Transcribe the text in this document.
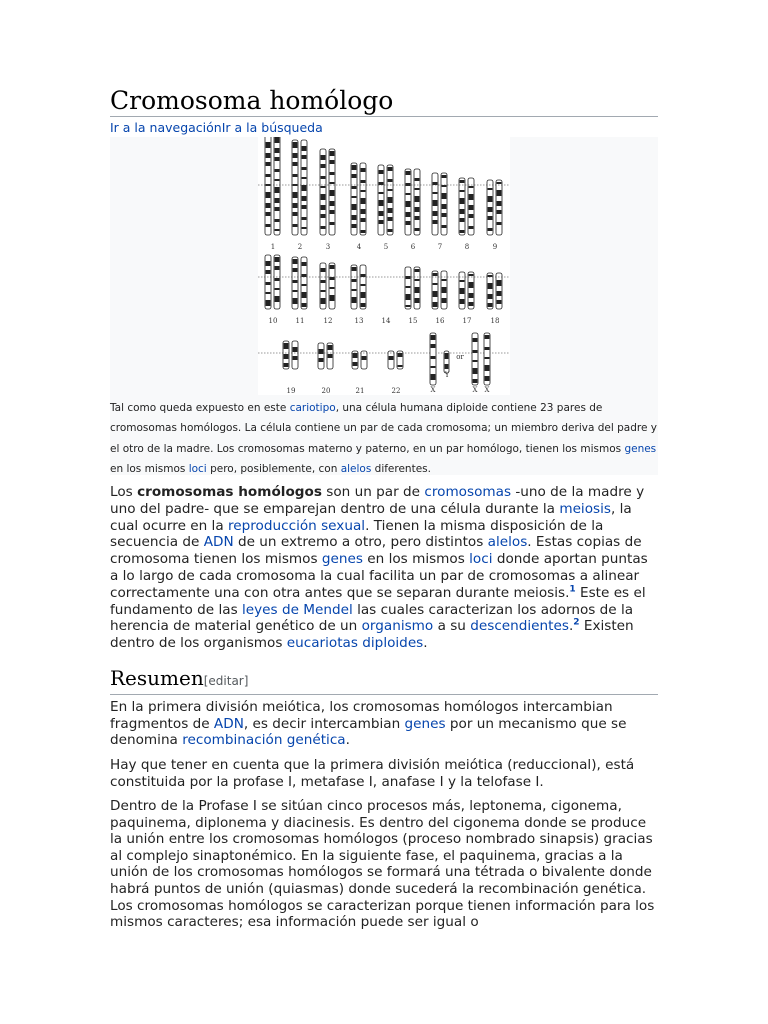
Cromosoma homólogo
Ir a la navegaciónIr a la búsqueda
1	2	3	4	5	6	7	8	9
10	11	12	13	14	15	16	17	18
19	20	21	22	X
Y
or
X X
Tal como queda expuesto en este cariotipo, una célula humana diploide contiene 23 pares de cromosomas homólogos. La célula contiene un par de cada cromosoma; un miembro deriva del padre y el otro de la madre. Los cromosomas materno y paterno, en un par homólogo, tienen los mismos genes en los mismos loci pero, posiblemente, con alelos diferentes.

Los cromosomas homólogos son un par de cromosomas -uno de la madre y uno del padre- que se emparejan dentro de una célula durante la meiosis, la cual ocurre en la reproducción sexual. Tienen la misma disposición de la secuencia de ADN de un extremo a otro, pero distintos alelos. Estas copias de cromosoma tienen los mismos genes en los mismos loci donde aportan puntas a lo largo de cada cromosoma la cual facilita un par de cromosomas a alinear correctamente una con otra antes que se separan durante meiosis.$^1$ Este es el fundamento de las leyes de Mendel las cuales caracterizan los adornos de la herencia de material genético de un organismo a su descendientes.$^2$ Existen dentro de los organismos eucariotas diploides.

Resumen[editar]

En la primera división meiótica, los cromosomas homólogos intercambian fragmentos de ADN, es decir intercambian genes por un mecanismo que se denomina recombinación genética.

Hay que tener en cuenta que la primera división meiótica (reduccional), está constituida por la profase I, metafase I, anafase I y la telofase I.

Dentro de la Profase I se sitúan cinco procesos más, leptonema, cigonema, paquinema, diplonema y diacinesis. Es dentro del cigonema donde se produce la unión entre los cromosomas homólogos (proceso nombrado sinapsis) gracias al complejo sinaptonémico. En la siguiente fase, el paquinema, gracias a la unión de los cromosomas homólogos se formará una tétrada o bivalente donde habrá puntos de unión (quiasmas) donde sucederá la recombinación genética. Los cromosomas homólogos se caracterizan porque tienen información para los mismos caracteres; esa información puede ser igual o
